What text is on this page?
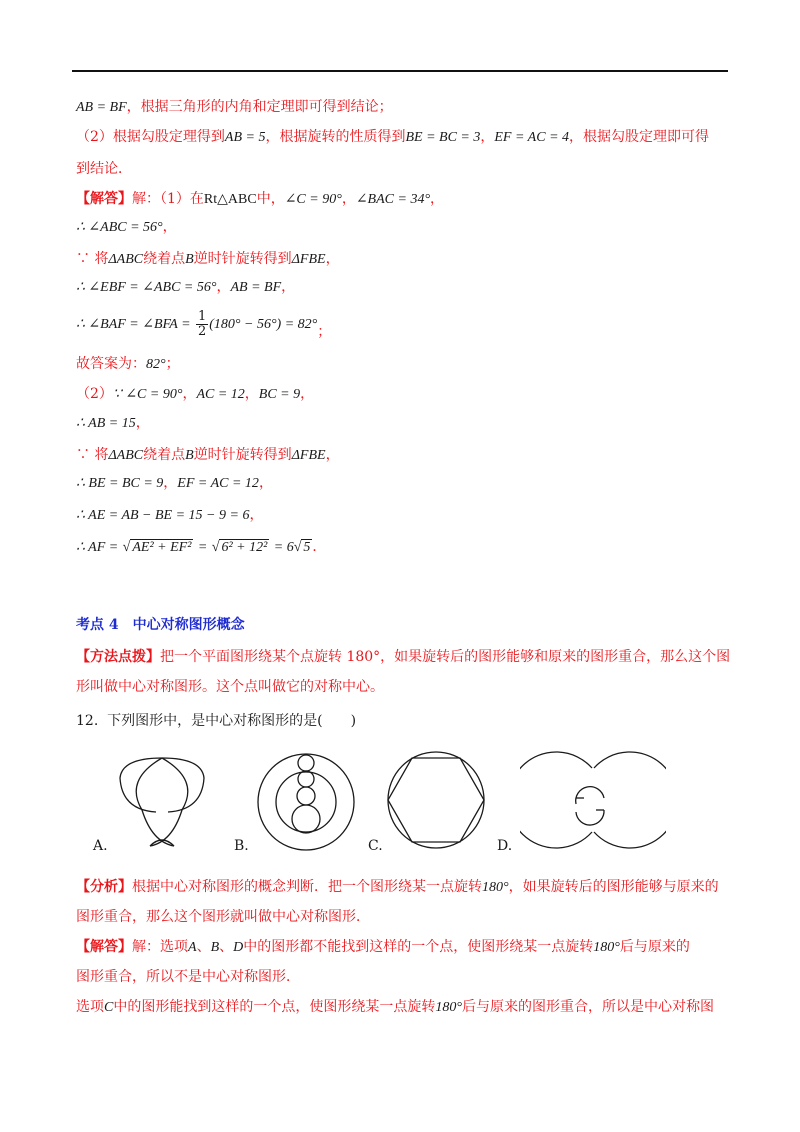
AB = BF，根据三角形的内角和定理即可得到结论；
（2）根据勾股定理得到AB = 5，根据旋转的性质得到BE = BC = 3，EF = AC = 4，根据勾股定理即可得
到结论．
【解答】解：（1）在Rt△ABC中，∠C = 90°，∠BAC = 34°，
∴ ∠ABC = 56°，
∵ 将ΔABC绕着点B逆时针旋转得到ΔFBE，
∴ ∠EBF = ∠ABC = 56°，AB = BF，
∴ ∠BAF = ∠BFA = $\frac{1}{2} (180^\circ - 56^\circ) = 82^\circ$；
故答案为：82°；
（2）∵ ∠C = 90°，AC = 12，BC = 9，
∴ AB = 15，
∵ 将ΔABC绕着点B逆时针旋转得到ΔFBE，
∴ BE = BC = 9，EF = AC = 12，
∴ AE = AB − BE = 15 − 9 = 6，
∴ AF = √ AE² + EF² = √ 6² + 12² = 6√ 5 ．
考点 4　中心对称图形概念
【方法点拨】把一个平面图形绕某个点旋转 180°，如果旋转后的图形能够和原来的图形重合，那么这个图
形叫做中心对称图形。这个点叫做它的对称中心。
12. 下列图形中，是中心对称图形的是(　　)
A.	B.	C.	D.
【分析】根据中心对称图形的概念判断．把一个图形绕某一点旋转180°，如果旋转后的图形能够与原来的
图形重合，那么这个图形就叫做中心对称图形．
【解答】解：选项A、B、D中的图形都不能找到这样的一个点，使图形绕某一点旋转180°后与原来的
图形重合，所以不是中心对称图形．
选项C中的图形能找到这样的一个点，使图形绕某一点旋转180°后与原来的图形重合，所以是中心对称图
